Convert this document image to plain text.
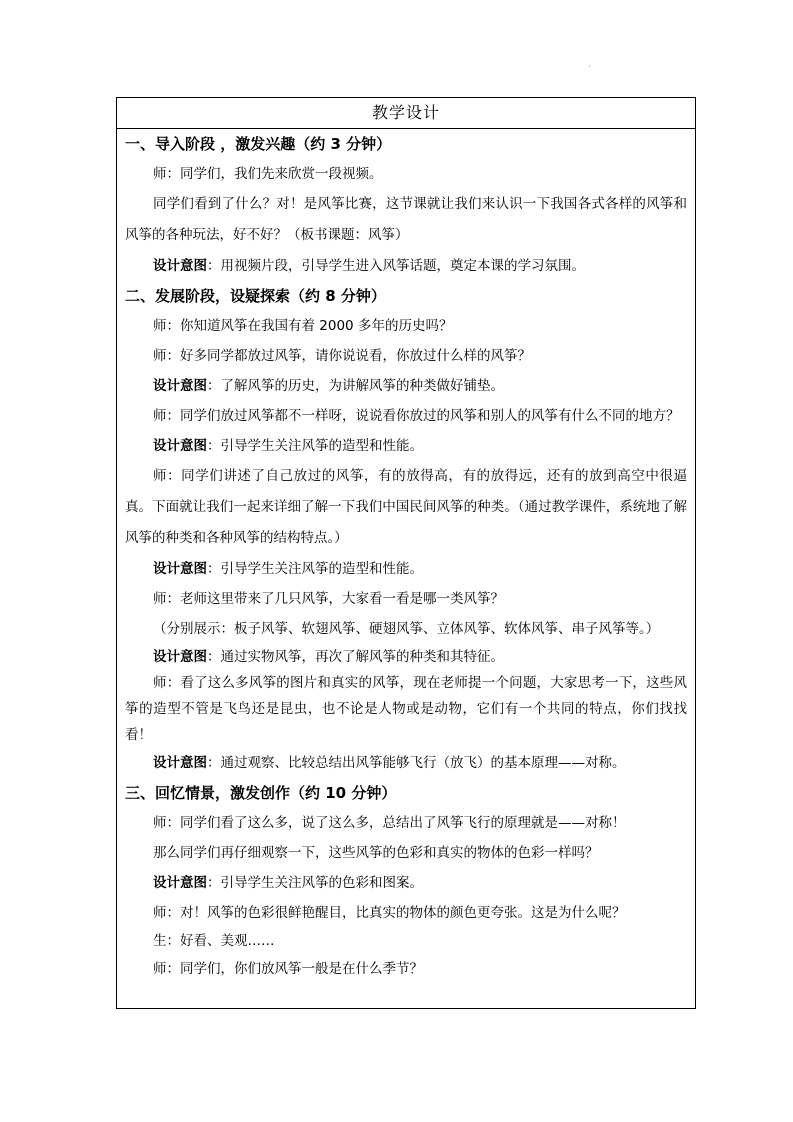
·
教学设计
一、导入阶段 ，激发兴趣（约 3 分钟）
师：同学们，我们先来欣赏一段视频。
同学们看到了什么？对！是风筝比赛，这节课就让我们来认识一下我国各式各样的风筝和风筝的各种玩法，好不好？（板书课题：风筝）
设计意图：用视频片段，引导学生进入风筝话题，奠定本课的学习氛围。
二、发展阶段，设疑探索（约 8 分钟）
师：你知道风筝在我国有着 2000 多年的历史吗？
师：好多同学都放过风筝，请你说说看，你放过什么样的风筝？
设计意图：了解风筝的历史，为讲解风筝的种类做好铺垫。
师：同学们放过风筝都不一样呀，说说看你放过的风筝和别人的风筝有什么不同的地方？
设计意图：引导学生关注风筝的造型和性能。
师：同学们讲述了自己放过的风筝，有的放得高，有的放得远，还有的放到高空中很逼真。下面就让我们一起来详细了解一下我们中国民间风筝的种类。（通过教学课件，系统地了解风筝的种类和各种风筝的结构特点。）
设计意图：引导学生关注风筝的造型和性能。
师：老师这里带来了几只风筝，大家看一看是哪一类风筝？
（分别展示：板子风筝、软翅风筝、硬翅风筝、立体风筝、软体风筝、串子风筝等。）
设计意图：通过实物风筝，再次了解风筝的种类和其特征。
师：看了这么多风筝的图片和真实的风筝，现在老师提一个问题，大家思考一下，这些风筝的造型不管是飞鸟还是昆虫，也不论是人物或是动物，它们有一个共同的特点，你们找找看！
设计意图：通过观察、比较总结出风筝能够飞行（放飞）的基本原理——对称。
三、回忆情景，激发创作（约 10 分钟）
师：同学们看了这么多，说了这么多，总结出了风筝飞行的原理就是——对称！
那么同学们再仔细观察一下，这些风筝的色彩和真实的物体的色彩一样吗？
设计意图：引导学生关注风筝的色彩和图案。
师：对！风筝的色彩很鲜艳醒目，比真实的物体的颜色更夸张。这是为什么呢？
生：好看、美观……
师：同学们，你们放风筝一般是在什么季节？
